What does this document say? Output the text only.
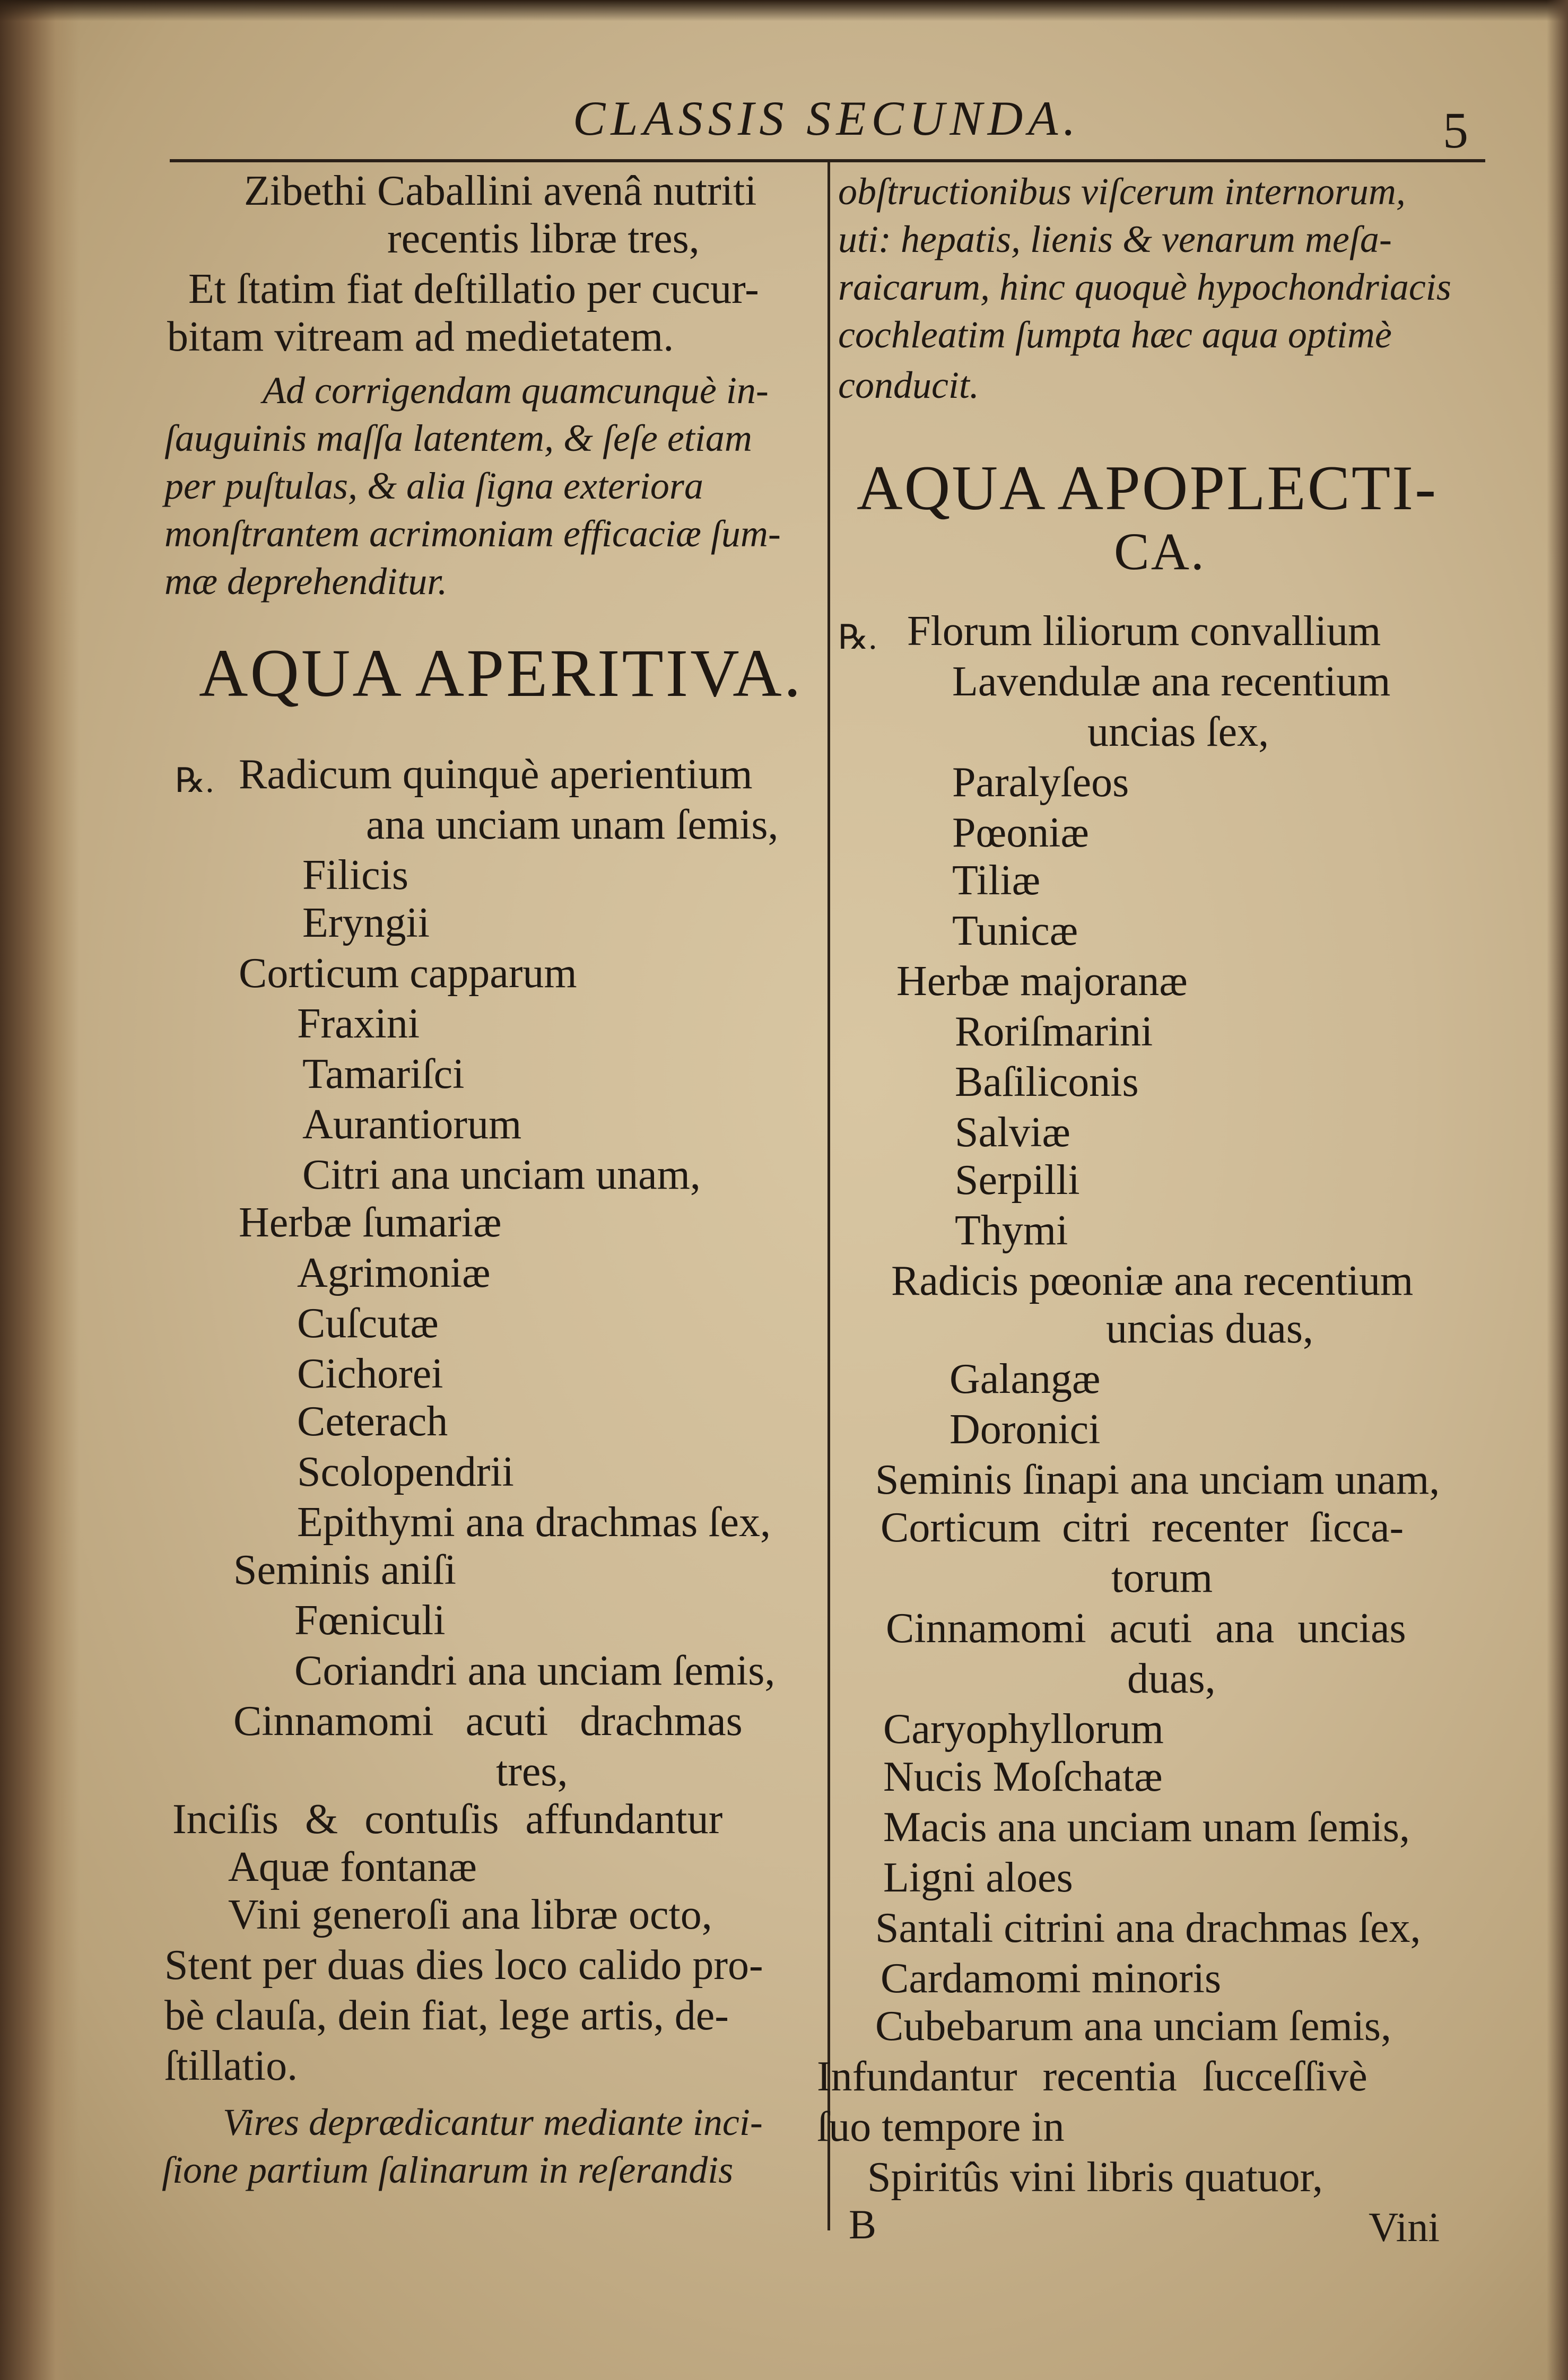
CLASSIS SECUNDA.	5
Zibethi Caballini avenâ nutriti
recentis libræ tres,
Et ſtatim fiat deſtillatio per cucur-
bitam vitream ad medietatem.
Ad corrigendam quamcunquè in-
ſauguinis maſſa latentem, & ſeſe etiam
per puſtulas, & alia ſigna exteriora
monſtrantem acrimoniam efficaciæ ſum-
mæ deprehenditur.
AQUA APERITIVA.
℞. Radicum quinquè aperientium
ana unciam unam ſemis,
Filicis
Eryngii
Corticum capparum
Fraxini
Tamariſci
Aurantiorum
Citri ana unciam unam,
Herbæ ſumariæ
Agrimoniæ
Cuſcutæ
Cichorei
Ceterach
Scolopendrii
Epithymi ana drachmas ſex,
Seminis aniſi
Fœniculi
Coriandri ana unciam ſemis,
Cinnamomi acuti drachmas
tres,
Inciſis & contuſis affundantur
Aquæ fontanæ
Vini generoſi ana libræ octo,
Stent per duas dies loco calido pro-
bè clauſa, dein fiat, lege artis, de-
ſtillatio.
Vires deprædicantur mediante inci-
ſione partium ſalinarum in reſerandis
obſtructionibus viſcerum internorum,
uti: hepatis, lienis & venarum meſa-
raicarum, hinc quoquè hypochondriacis
cochleatim ſumpta hæc aqua optimè
conducit.
AQUA APOPLECTI-
CA.
℞. Florum liliorum convallium
Lavendulæ ana recentium
uncias ſex,
Paralyſeos
Pœoniæ
Tiliæ
Tunicæ
Herbæ majoranæ
Roriſmarini
Baſiliconis
Salviæ
Serpilli
Thymi
Radicis pœoniæ ana recentium
uncias duas,
Galangæ
Doronici
Seminis ſinapi ana unciam unam,
Corticum citri recenter ſicca-
torum
Cinnamomi acuti ana uncias
duas,
Caryophyllorum
Nucis Moſchatæ
Macis ana unciam unam ſemis,
Ligni aloes
Santali citrini ana drachmas ſex,
Cardamomi minoris
Cubebarum ana unciam ſemis,
Infundantur recentia ſucceſſivè
ſuo tempore in
Spiritûs vini libris quatuor,
B	Vini
